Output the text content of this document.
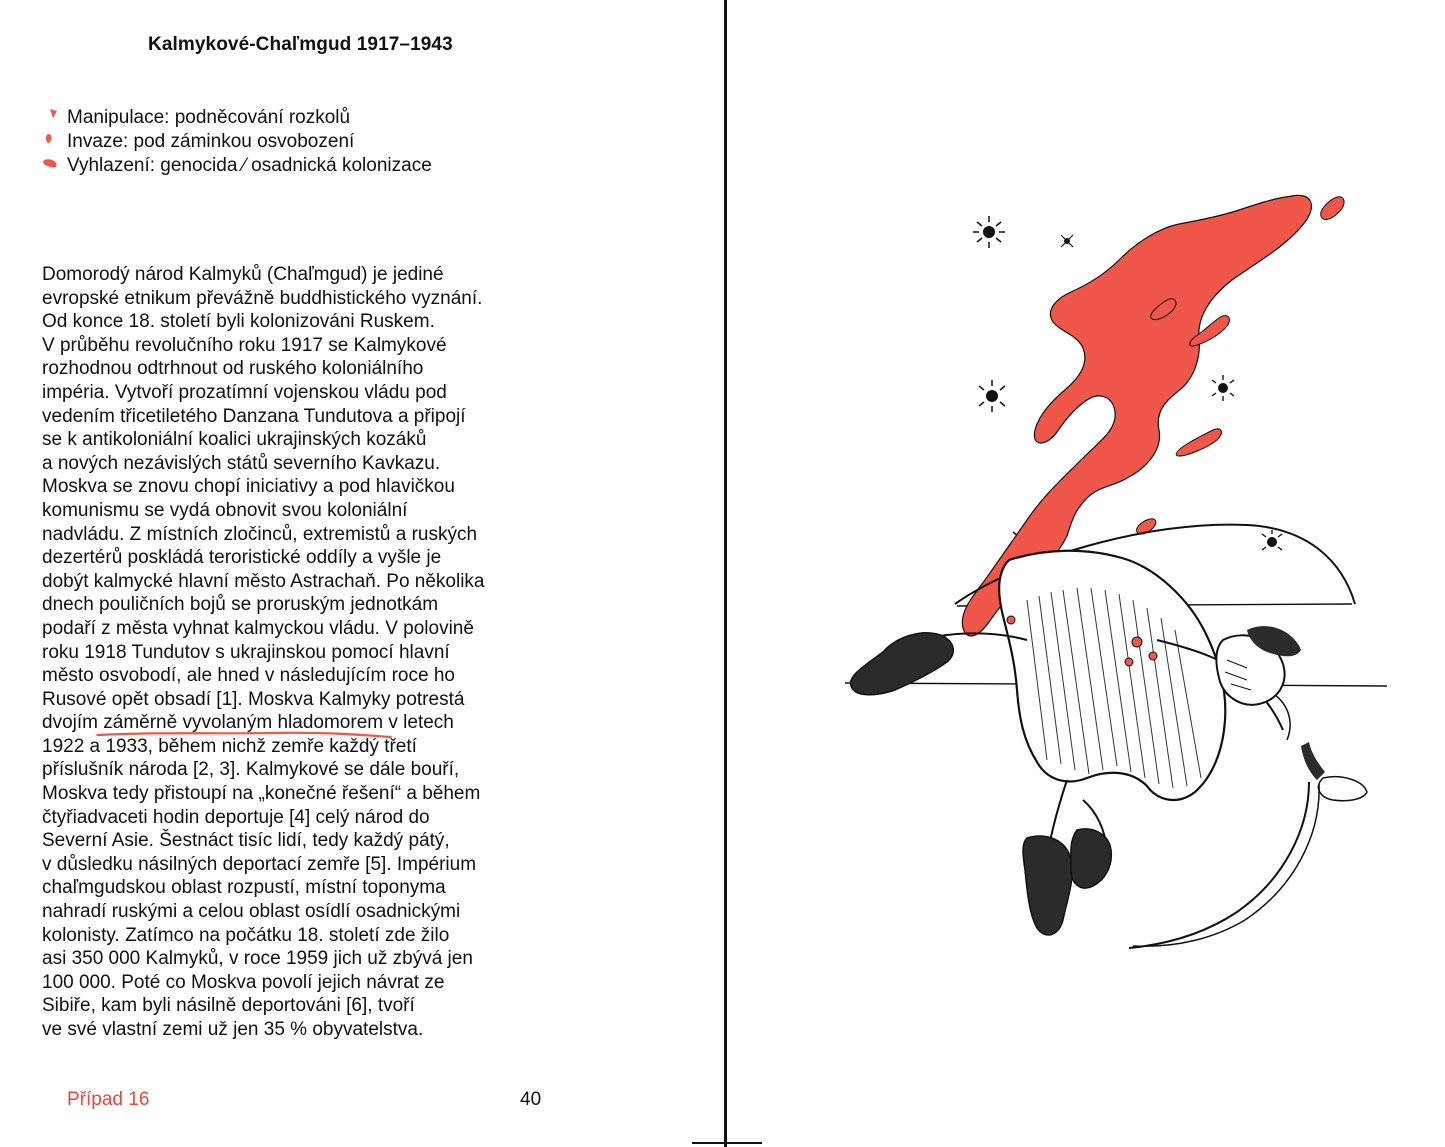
Kalmykové-Chaľmgud 1917–1943
Manipulace: podněcování rozkolů
Invaze: pod záminkou osvobození
Vyhlazení: genocida ⁄ osadnická kolonizace
Domorodý národ Kalmyků (Chaľmgud) je jediné
evropské etnikum převážně buddhistického vyznání.
Od konce 18. století byli kolonizováni Ruskem.
V průběhu revolučního roku 1917 se Kalmykové
rozhodnou odtrhnout od ruského koloniálního
impéria. Vytvoří prozatímní vojenskou vládu pod
vedením třicetiletého Danzana Tundutova a připojí
se k antikoloniální koalici ukrajinských kozáků
a nových nezávislých států severního Kavkazu.
Moskva se znovu chopí iniciativy a pod hlavičkou
komunismu se vydá obnovit svou koloniální
nadvládu. Z místních zločinců, extremistů a ruských
dezertérů poskládá teroristické oddíly a vyšle je
dobýt kalmycké hlavní město Astrachaň. Po několika
dnech pouličních bojů se proruským jednotkám
podaří z města vyhnat kalmyckou vládu. V polovině
roku 1918 Tundutov s ukrajinskou pomocí hlavní
město osvobodí, ale hned v následujícím roce ho
Rusové opět obsadí [1]. Moskva Kalmyky potrestá
dvojím záměrně vyvolaným hladomorem
v letech
1922 a 1933, během nichž zemře každý třetí
příslušník národa [2, 3]. Kalmykové se dále bouří,
Moskva tedy přistoupí na „konečné řešení“ a během
čtyřiadvaceti hodin deportuje [4] celý národ do
Severní Asie. Šestnáct tisíc lidí, tedy každý pátý,
v důsledku násilných deportací zemře [5]. Impérium
chaľmgudskou oblast rozpustí, místní toponyma
nahradí ruskými a celou oblast osídlí osadnickými
kolonisty. Zatímco na počátku 18. století zde žilo
asi 350 000 Kalmyků, v roce 1959 jich už zbývá jen
100 000. Poté co Moskva povolí jejich návrat ze
Sibiře, kam byli násilně deportováni [6], tvoří
ve své vlastní zemi už jen 35 % obyvatelstva.
Případ 16	40
